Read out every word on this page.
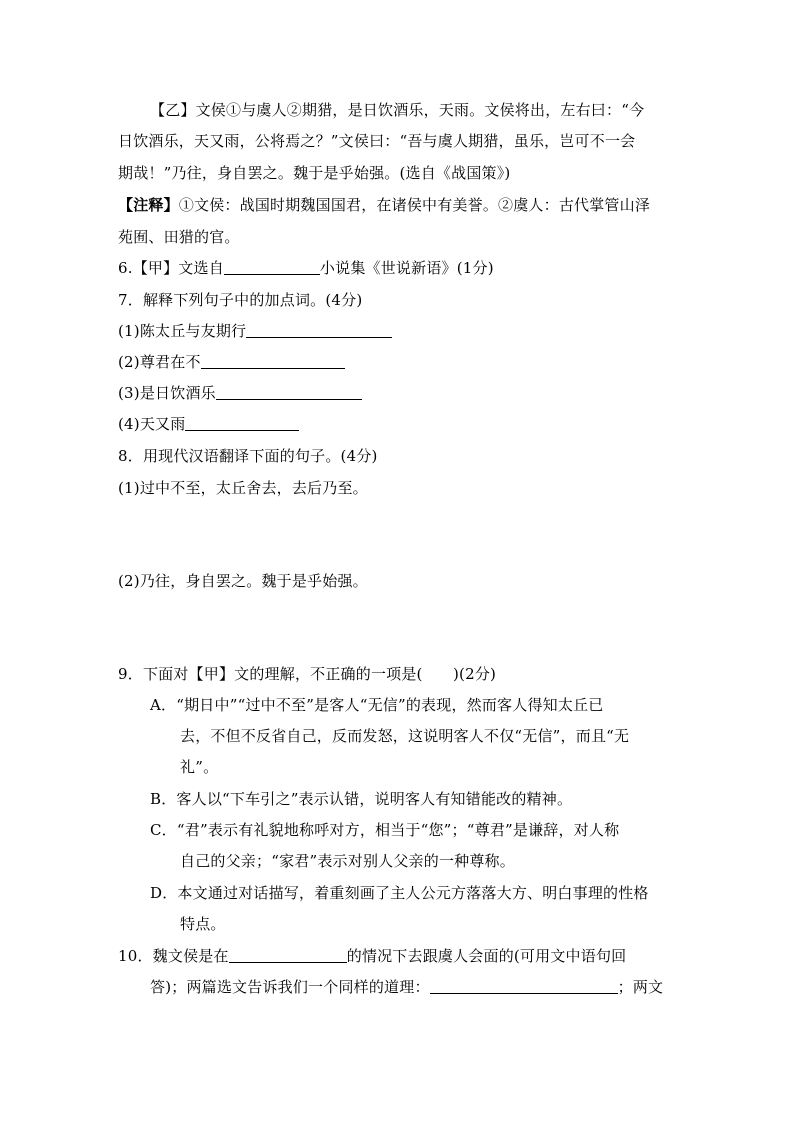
【乙】文侯①与虞人②期猎，是日饮酒乐，天雨。文侯将出，左右曰：“今
日饮酒乐，天又雨，公将焉之？”文侯曰：“吾与虞人期猎，虽乐，岂可不一会
期哉！”乃往，身自罢之。魏于是乎始强。(选自《战国策》)
【注释】①文侯：战国时期魏国国君，在诸侯中有美誉。②虞人：古代掌管山泽
苑囿、田猎的官。
6.【甲】文选自	小说集《世说新语》(1分)
7．解释下列句子中的加点词。(4分)
(1)陈太丘与友期行
(2)尊君在不
(3)是日饮酒乐
(4)天又雨
8．用现代汉语翻译下面的句子。(4分)
(1)过中不至，太丘舍去，去后乃至。
(2)乃往，身自罢之。魏于是乎始强。
9．下面对【甲】文的理解，不正确的一项是(　　)(2分)
A．“期日中”“过中不至”是客人“无信”的表现，然而客人得知太丘已
去，不但不反省自己，反而发怒，这说明客人不仅“无信”，而且“无
礼”。
B．客人以“下车引之”表示认错，说明客人有知错能改的精神。
C．“君”表示有礼貌地称呼对方，相当于“您”；“尊君”是谦辞，对人称
自己的父亲；“家君”表示对别人父亲的一种尊称。
D．本文通过对话描写，着重刻画了主人公元方落落大方、明白事理的性格
特点。
10．魏文侯是在	的情况下去跟虞人会面的(可用文中语句回
答)；两篇选文告诉我们一个同样的道理：	；两文
